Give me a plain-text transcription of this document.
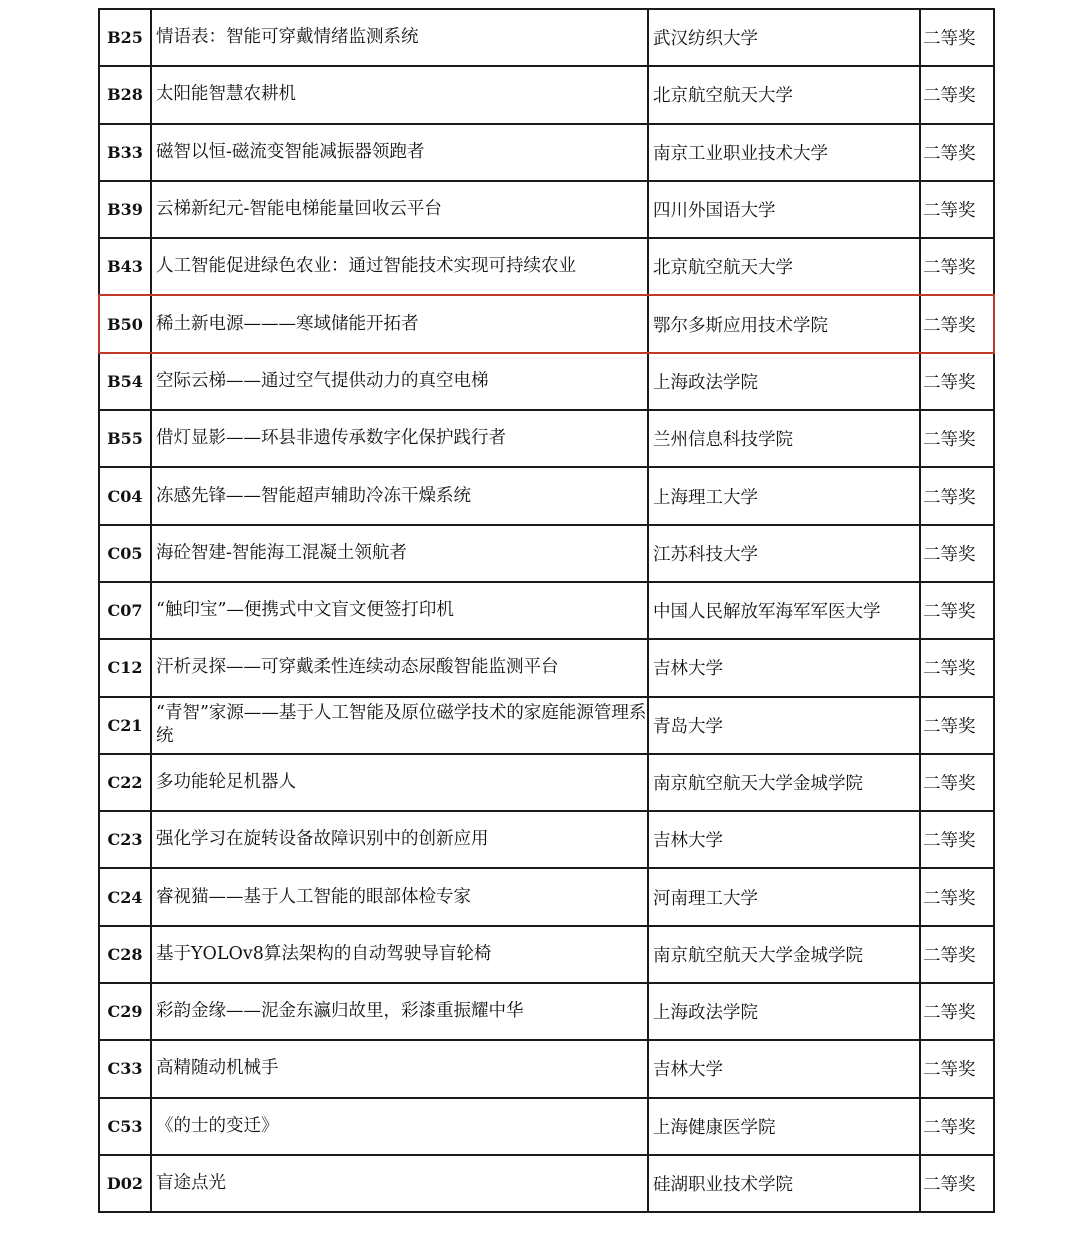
B25	情语表：智能可穿戴情绪监测系统	武汉纺织大学	二等奖
B28	太阳能智慧农耕机	北京航空航天大学	二等奖
B33	磁智以恒-磁流变智能减振器领跑者	南京工业职业技术大学	二等奖
B39	云梯新纪元-智能电梯能量回收云平台	四川外国语大学	二等奖
B43	人工智能促进绿色农业：通过智能技术实现可持续农业	北京航空航天大学	二等奖
B50	稀土新电源———寒域储能开拓者	鄂尔多斯应用技术学院	二等奖
B54	空际云梯——通过空气提供动力的真空电梯	上海政法学院	二等奖
B55	借灯显影——环县非遗传承数字化保护践行者	兰州信息科技学院	二等奖
C04	冻感先锋——智能超声辅助冷冻干燥系统	上海理工大学	二等奖
C05	海砼智建-智能海工混凝土领航者	江苏科技大学	二等奖
C07	“触印宝”—便携式中文盲文便签打印机	中国人民解放军海军军医大学	二等奖
C12	汗析灵探——可穿戴柔性连续动态尿酸智能监测平台	吉林大学	二等奖
C21	“青智”家源——基于人工智能及原位磁学技术的家庭能源管理系统	青岛大学	二等奖
C22	多功能轮足机器人	南京航空航天大学金城学院	二等奖
C23	强化学习在旋转设备故障识别中的创新应用	吉林大学	二等奖
C24	睿视猫——基于人工智能的眼部体检专家	河南理工大学	二等奖
C28	基于YOLOv8算法架构的自动驾驶导盲轮椅	南京航空航天大学金城学院	二等奖
C29	彩韵金缘——泥金东瀛归故里，彩漆重振耀中华	上海政法学院	二等奖
C33	高精随动机械手	吉林大学	二等奖
C53	《的士的变迁》	上海健康医学院	二等奖
D02	盲途点光	硅湖职业技术学院	二等奖
